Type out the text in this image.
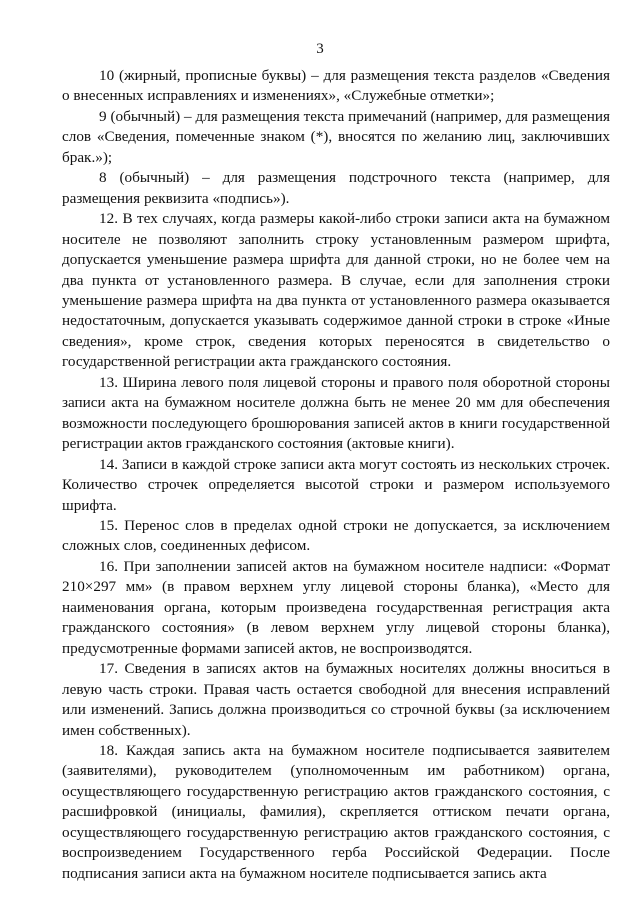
3

10 (жирный, прописные буквы) – для размещения текста разделов «Сведения о внесенных исправлениях и изменениях», «Служебные отметки»;

9 (обычный) – для размещения текста примечаний (например, для размещения слов «Сведения, помеченные знаком (*), вносятся по желанию лиц, заключивших брак.»);

8 (обычный) – для размещения подстрочного текста (например, для размещения реквизита «подпись»).

12. В тех случаях, когда размеры какой-либо строки записи акта на бумажном носителе не позволяют заполнить строку установленным размером шрифта, допускается уменьшение размера шрифта для данной строки, но не более чем на два пункта от установленного размера. В случае, если для заполнения строки уменьшение размера шрифта на два пункта от установленного размера оказывается недостаточным, допускается указывать содержимое данной строки в строке «Иные сведения», кроме строк, сведения которых переносятся в свидетельство о государственной регистрации акта гражданского состояния.

13. Ширина левого поля лицевой стороны и правого поля оборотной стороны записи акта на бумажном носителе должна быть не менее 20 мм для обеспечения возможности последующего брошюрования записей актов в книги государственной регистрации актов гражданского состояния (актовые книги).

14. Записи в каждой строке записи акта могут состоять из нескольких строчек. Количество строчек определяется высотой строки и размером используемого шрифта.

15. Перенос слов в пределах одной строки не допускается, за исключением сложных слов, соединенных дефисом.

16. При заполнении записей актов на бумажном носителе надписи: «Формат 210×297 мм» (в правом верхнем углу лицевой стороны бланка), «Место для наименования органа, которым произведена государственная регистрация акта гражданского состояния» (в левом верхнем углу лицевой стороны бланка), предусмотренные формами записей актов, не воспроизводятся.

17. Сведения в записях актов на бумажных носителях должны вноситься в левую часть строки. Правая часть остается свободной для внесения исправлений или изменений. Запись должна производиться со строчной буквы (за исключением имен собственных).

18. Каждая запись акта на бумажном носителе подписывается заявителем (заявителями), руководителем (уполномоченным им работником) органа, осуществляющего государственную регистрацию актов гражданского состояния, с расшифровкой (инициалы, фамилия), скрепляется оттиском печати органа, осуществляющего государственную регистрацию актов гражданского состояния, с воспроизведением Государственного герба Российской Федерации. После подписания записи акта на бумажном носителе подписывается запись акта
